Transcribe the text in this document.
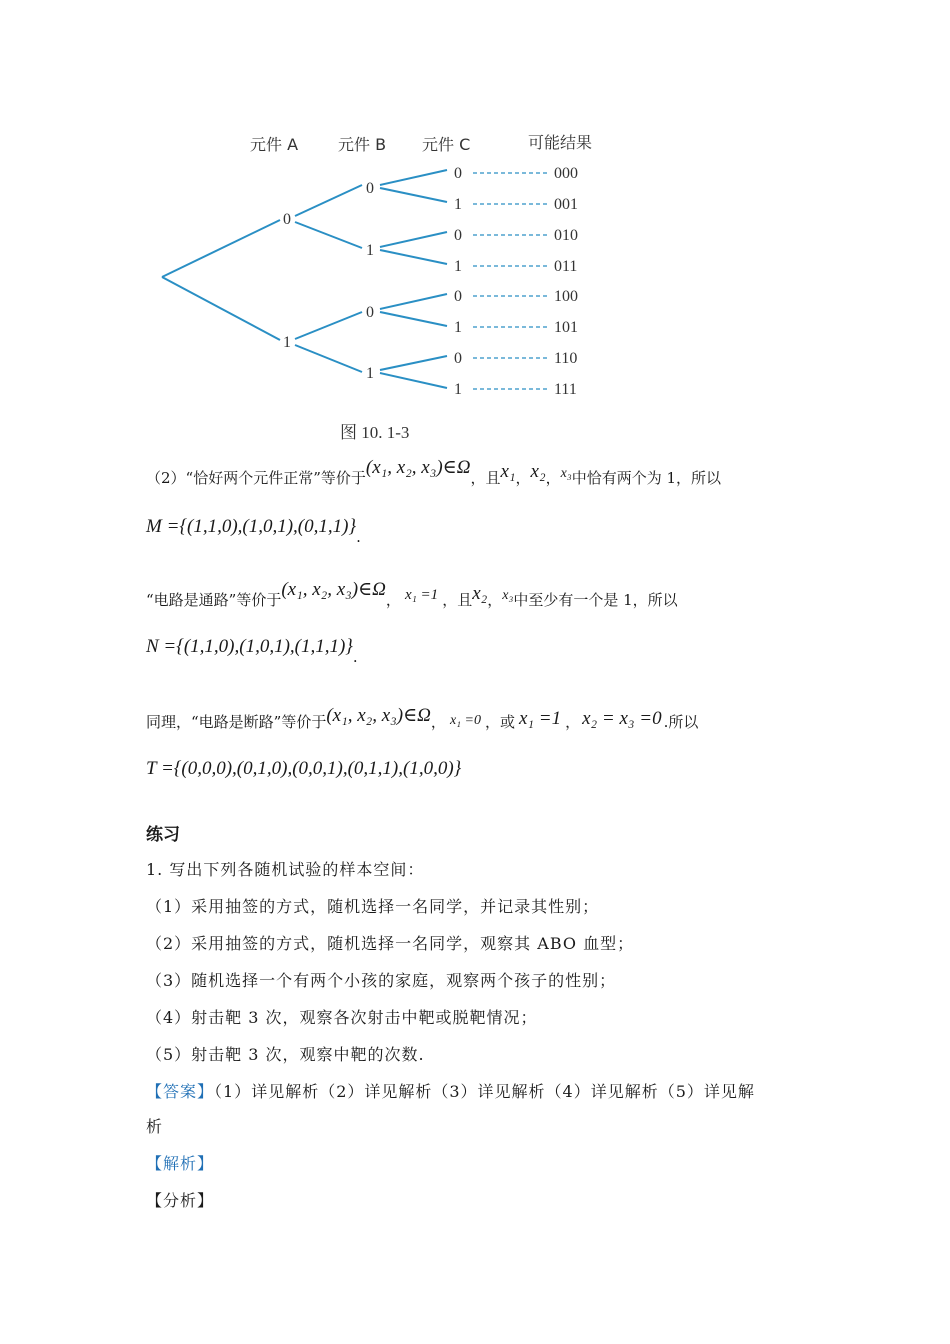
元件 A 元件 B 元件 C	可能结果
0
1
0
1
0
1
0
1
0
1
0
1
0
1
000
001
010
011
100
101
110
111
图 10. 1-3
（2）“恰好两个元件正常”等价于(x₁, x₂, x₃)∈Ω，且x₁，x₂，x₃中恰有两个为 1，所以
M ={(1,1,0),(1,0,1),(0,1,1)}.
“电路是通路”等价于(x₁, x₂, x₃)∈Ω， x₁ =1 ，且x₂，x₃中至少有一个是 1，所以
N ={(1,1,0),(1,0,1),(1,1,1)}.
同理，“电路是断路”等价于(x₁, x₂, x₃)∈Ω， x₁ =0 ，或 x₁ =1 ， x₂ = x₃ =0 .所以
T ={(0,0,0),(0,1,0),(0,0,1),(0,1,1),(1,0,0)}
练习
1. 写出下列各随机试验的样本空间：
（1）采用抽签的方式，随机选择一名同学，并记录其性别；
（2）采用抽签的方式，随机选择一名同学，观察其 ABO 血型；
（3）随机选择一个有两个小孩的家庭，观察两个孩子的性别；
（4）射击靶 3 次，观察各次射击中靶或脱靶情况；
（5）射击靶 3 次，观察中靶的次数.
【答案】（1）详见解析（2）详见解析（3）详见解析（4）详见解析（5）详见解
析
【解析】
【分析】
